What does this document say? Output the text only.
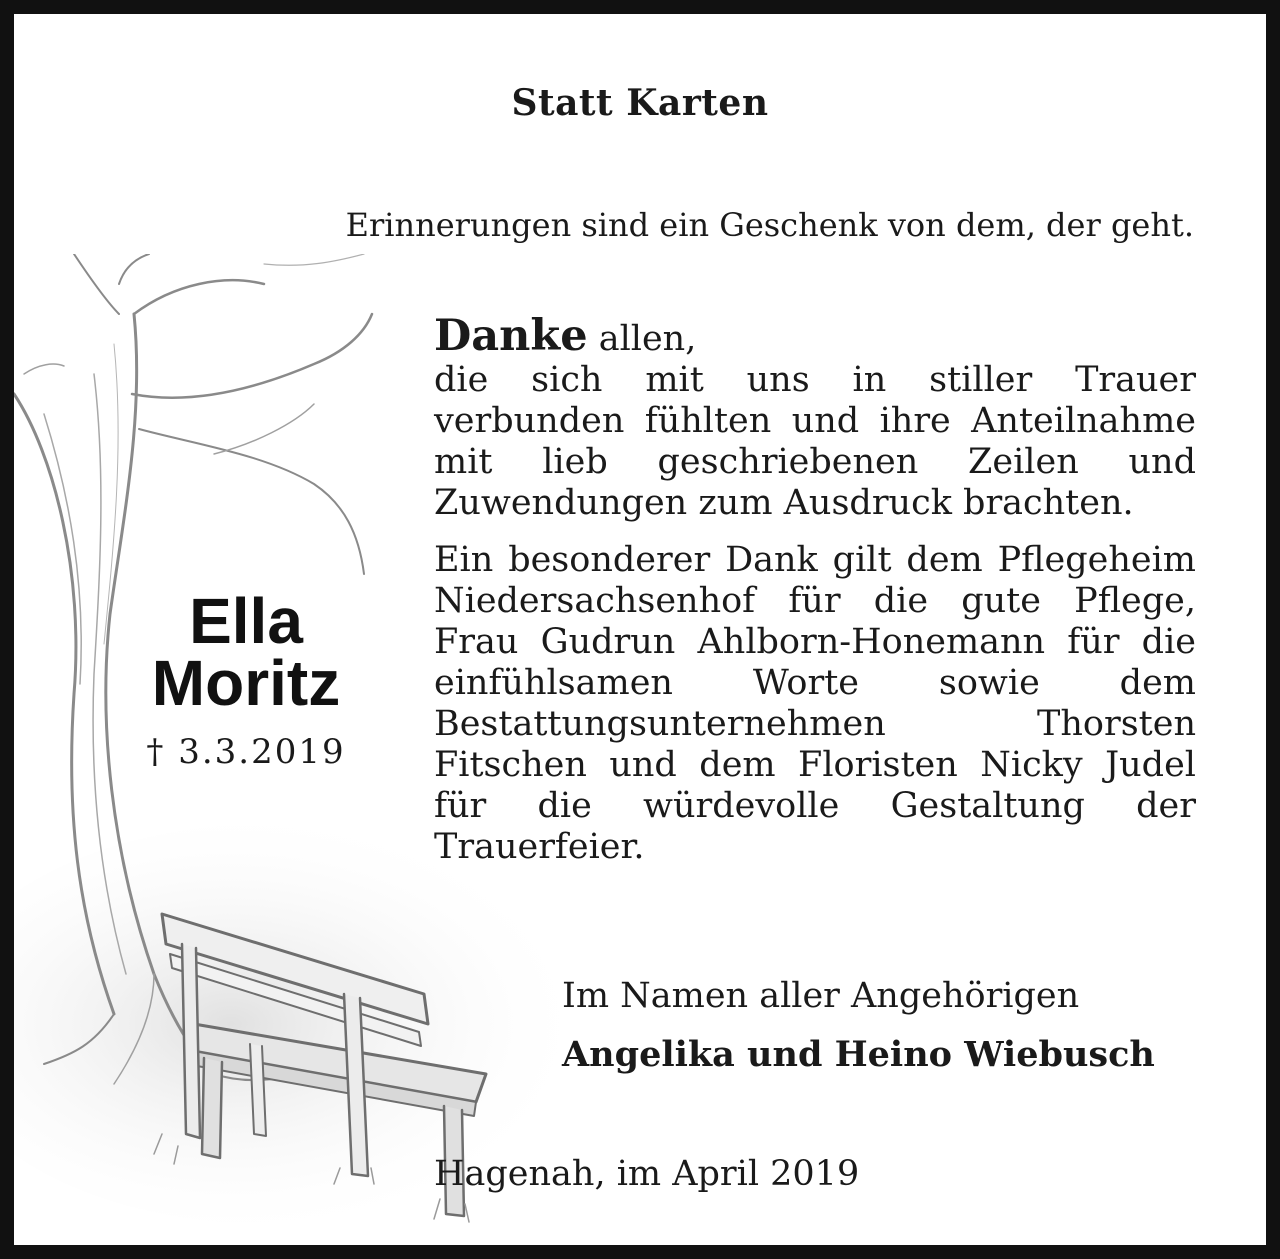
Statt Karten
Erinnerungen sind ein Geschenk von dem, der geht.
Ella
Moritz
† 3.3.2019

Danke allen,

die sich mit uns in stiller Trauer verbunden fühlten und ihre Anteilnahme mit lieb geschriebenen Zeilen und Zuwendungen zum Ausdruck brachten.

Ein besonderer Dank gilt dem Pflegeheim Niedersachsenhof für die gute Pflege, Frau Gudrun Ahlborn-Honemann für die einfühlsamen Worte sowie dem Bestattungsunternehmen Thorsten Fitschen und dem Floristen Nicky Judel für die würdevolle Gestaltung der Trauerfeier.

Im Namen aller Angehörigen
Angelika und Heino Wiebusch
Hagenah, im April 2019
